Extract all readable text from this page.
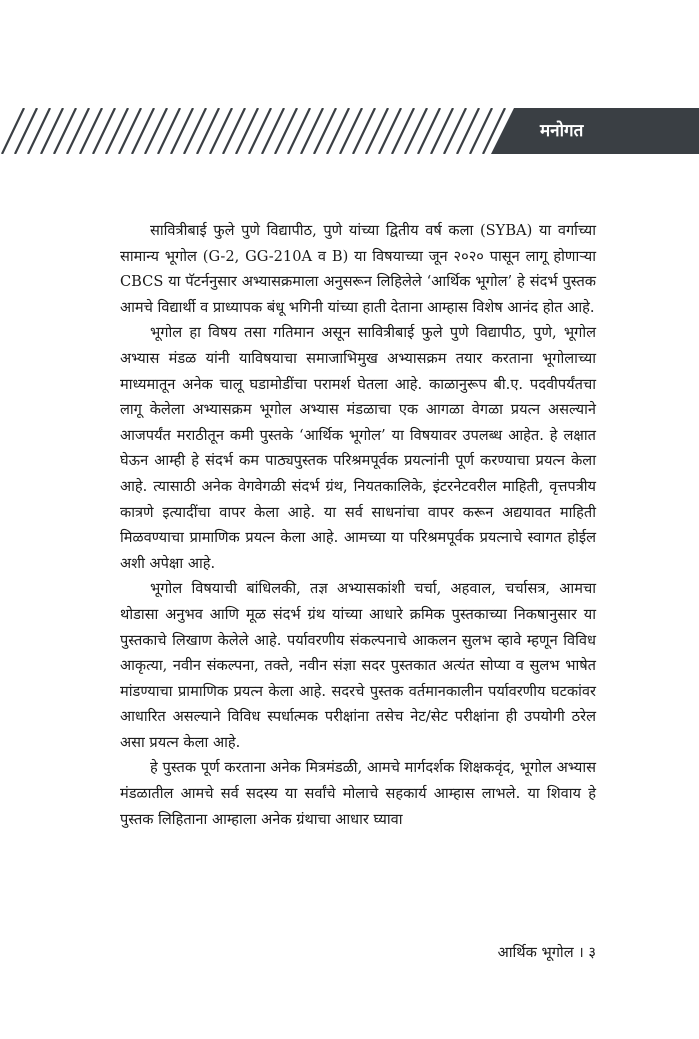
मनोगत

सावित्रीबाई फुले पुणे विद्यापीठ, पुणे यांच्या द्वितीय वर्ष कला (SYBA) या वर्गाच्या सामान्य भूगोल (G-2, GG-210A व B) या विषयाच्या जून २०२० पासून लागू होणाऱ्या CBCS या पॅटर्ननुसार अभ्यासक्रमाला अनुसरून लिहिलेले ‘आर्थिक भूगोल’ हे संदर्भ पुस्तक आमचे विद्यार्थी व प्राध्यापक बंधू भगिनी यांच्या हाती देताना आम्हास विशेष आनंद होत आहे.

भूगोल हा विषय तसा गतिमान असून सावित्रीबाई फुले पुणे विद्यापीठ, पुणे, भूगोल अभ्यास मंडळ यांनी याविषयाचा समाजाभिमुख अभ्यासक्रम तयार करताना भूगोलाच्या माध्यमातून अनेक चालू घडामोडींचा परामर्श घेतला आहे. काळानुरूप बी.ए. पदवीपर्यंतचा लागू केलेला अभ्यासक्रम भूगोल अभ्यास मंडळाचा एक आगळा वेगळा प्रयत्न असल्याने आजपर्यंत मराठीतून कमी पुस्तके ‘आर्थिक भूगोल’ या विषयावर उपलब्ध आहेत. हे लक्षात घेऊन आम्ही हे संदर्भ कम पाठ्यपुस्तक परिश्रमपूर्वक प्रयत्नांनी पूर्ण करण्याचा प्रयत्न केला आहे. त्यासाठी अनेक वेगवेगळी संदर्भ ग्रंथ, नियतकालिके, इंटरनेटवरील माहिती, वृत्तपत्रीय कात्रणे इत्यादींचा वापर केला आहे. या सर्व साधनांचा वापर करून अद्ययावत माहिती मिळवण्याचा प्रामाणिक प्रयत्न केला आहे. आमच्या या परिश्रमपूर्वक प्रयत्नाचे स्वागत होईल अशी अपेक्षा आहे.

भूगोल विषयाची बांधिलकी, तज्ञ अभ्यासकांशी चर्चा, अहवाल, चर्चासत्र, आमचा थोडासा अनुभव आणि मूळ संदर्भ ग्रंथ यांच्या आधारे क्रमिक पुस्तकाच्या निकषानुसार या पुस्तकाचे लिखाण केलेले आहे. पर्यावरणीय संकल्पनाचे आकलन सुलभ व्हावे म्हणून विविध आकृत्या, नवीन संकल्पना, तक्ते, नवीन संज्ञा सदर पुस्तकात अत्यंत सोप्या व सुलभ भाषेत मांडण्याचा प्रामाणिक प्रयत्न केला आहे. सदरचे पुस्तक वर्तमानकालीन पर्यावरणीय घटकांवर आधारित असल्याने विविध स्पर्धात्मक परीक्षांना तसेच नेट/सेट परीक्षांना ही उपयोगी ठरेल असा प्रयत्न केला आहे.

हे पुस्तक पूर्ण करताना अनेक मित्रमंडळी, आमचे मार्गदर्शक शिक्षकवृंद, भूगोल अभ्यास मंडळातील आमचे सर्व सदस्य या सर्वांचे मोलाचे सहकार्य आम्हास लाभले. या शिवाय हे पुस्तक लिहिताना आम्हाला अनेक ग्रंथाचा आधार घ्यावा

आर्थिक भूगोल । ३
